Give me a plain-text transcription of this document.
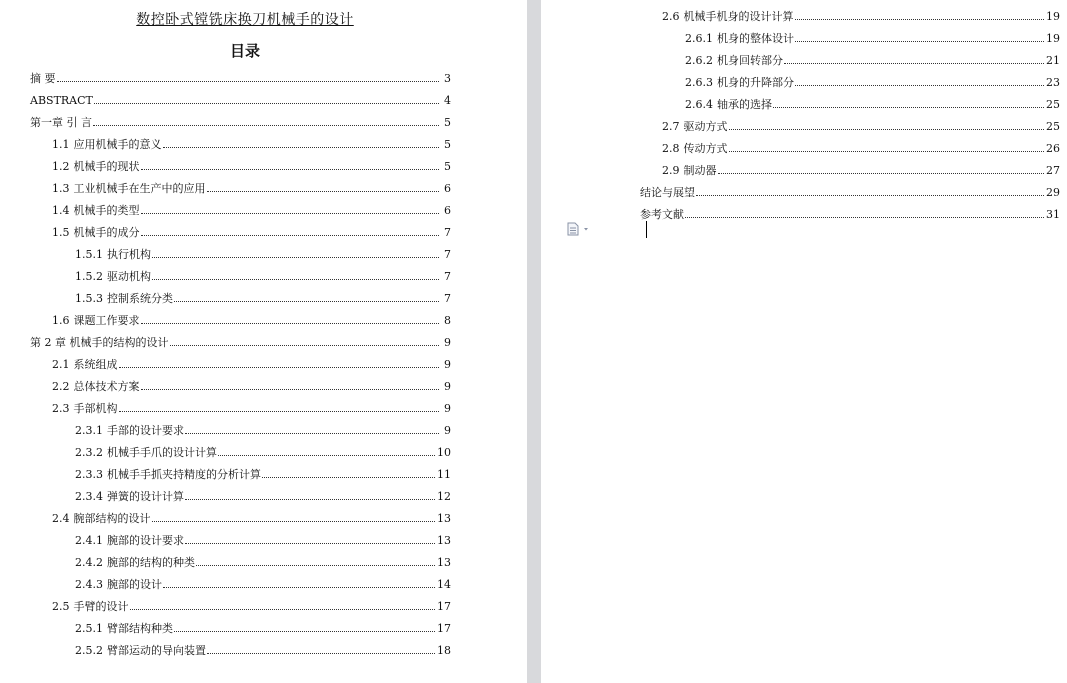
数控卧式镗铣床换刀机械手的设计
目录
摘 要	3
ABSTRACT	4
第一章 引 言	5
1.1 应用机械手的意义	5
1.2 机械手的现状	5
1.3 工业机械手在生产中的应用	6
1.4 机械手的类型	6
1.5 机械手的成分	7
1.5.1 执行机构	7
1.5.2 驱动机构	7
1.5.3 控制系统分类	7
1.6 课题工作要求	8
第 2 章 机械手的结构的设计	9
2.1 系统组成	9
2.2 总体技术方案	9
2.3 手部机构	9
2.3.1 手部的设计要求	9
2.3.2 机械手手爪的设计计算	10
2.3.3 机械手手抓夹持精度的分析计算	11
2.3.4 弹簧的设计计算	12
2.4 腕部结构的设计	13
2.4.1 腕部的设计要求	13
2.4.2 腕部的结构的种类	13
2.4.3 腕部的设计	14
2.5 手臂的设计	17
2.5.1 臂部结构种类	17
2.5.2 臂部运动的导向装置	18
2.6 机械手机身的设计计算	19
2.6.1 机身的整体设计	19
2.6.2 机身回转部分	21
2.6.3 机身的升降部分	23
2.6.4 轴承的选择	25
2.7 驱动方式	25
2.8 传动方式	26
2.9 制动器	27
结论与展望	29
参考文献	31
